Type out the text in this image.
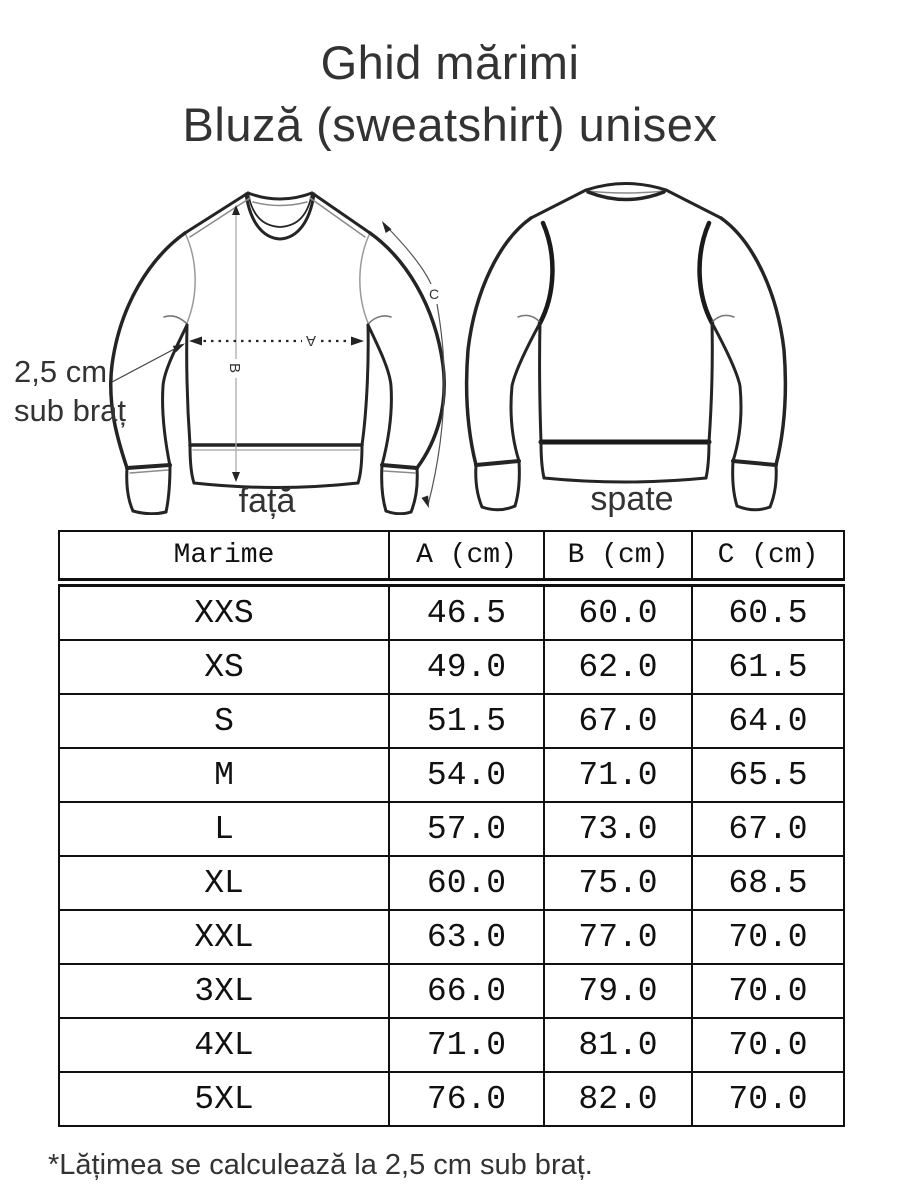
Ghid mărimi
Bluză (sweatshirt) unisex
B
A
C
2,5 cm
sub braț
față	spate
Marime	A (cm)	B (cm)	C (cm)
XXS	46.5	60.0	60.5
XS	49.0	62.0	61.5
S	51.5	67.0	64.0
M	54.0	71.0	65.5
L	57.0	73.0	67.0
XL	60.0	75.0	68.5
XXL	63.0	77.0	70.0
3XL	66.0	79.0	70.0
4XL	71.0	81.0	70.0
5XL	76.0	82.0	70.0
*Lățimea se calculează la 2,5 cm sub braț.
